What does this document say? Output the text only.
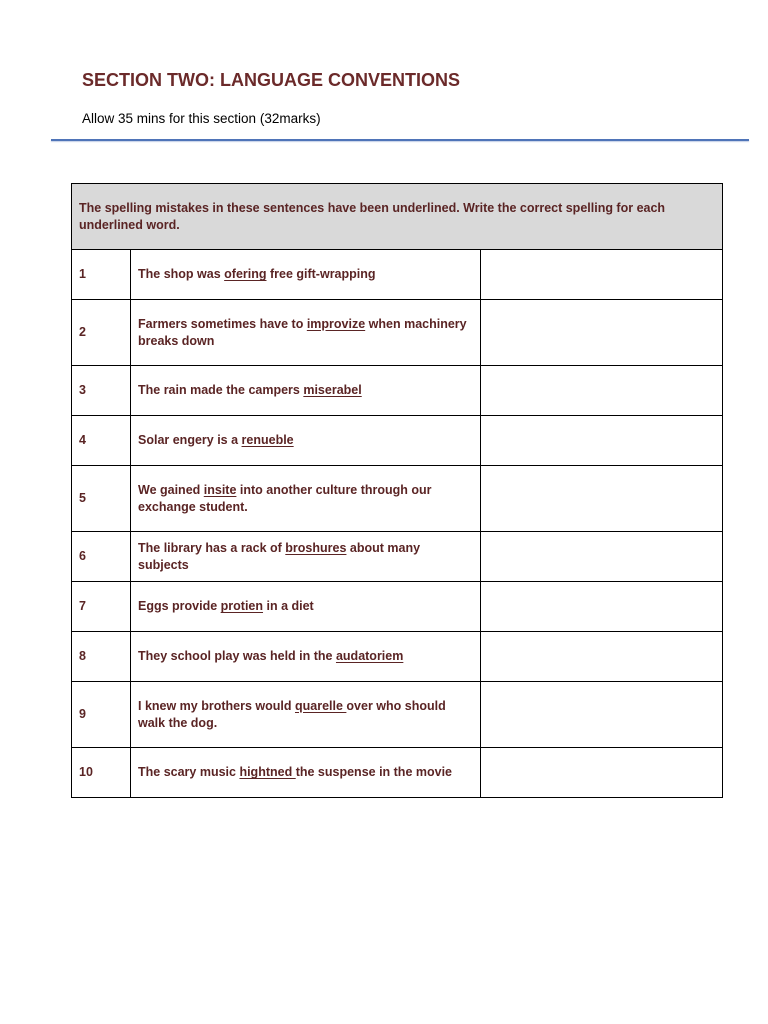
SECTION TWO: LANGUAGE CONVENTIONS
Allow 35 mins for this section (32marks)
The spelling mistakes in these sentences have been underlined. Write the correct spelling for each underlined word.		
1	The shop was ofering free gift-wrapping	
2	Farmers sometimes have to improvize when machinery breaks down	
3	The rain made the campers miserabel	
4	Solar engery is a renueble	
5	We gained insite into another culture through our exchange student.	
6	The library has a rack of broshures about many subjects	
7	Eggs provide protien in a diet	
8	They school play was held in the audatoriem	
9	I knew my brothers would quarelle over who should walk the dog.	
10	The scary music hightned the suspense in the movie	
